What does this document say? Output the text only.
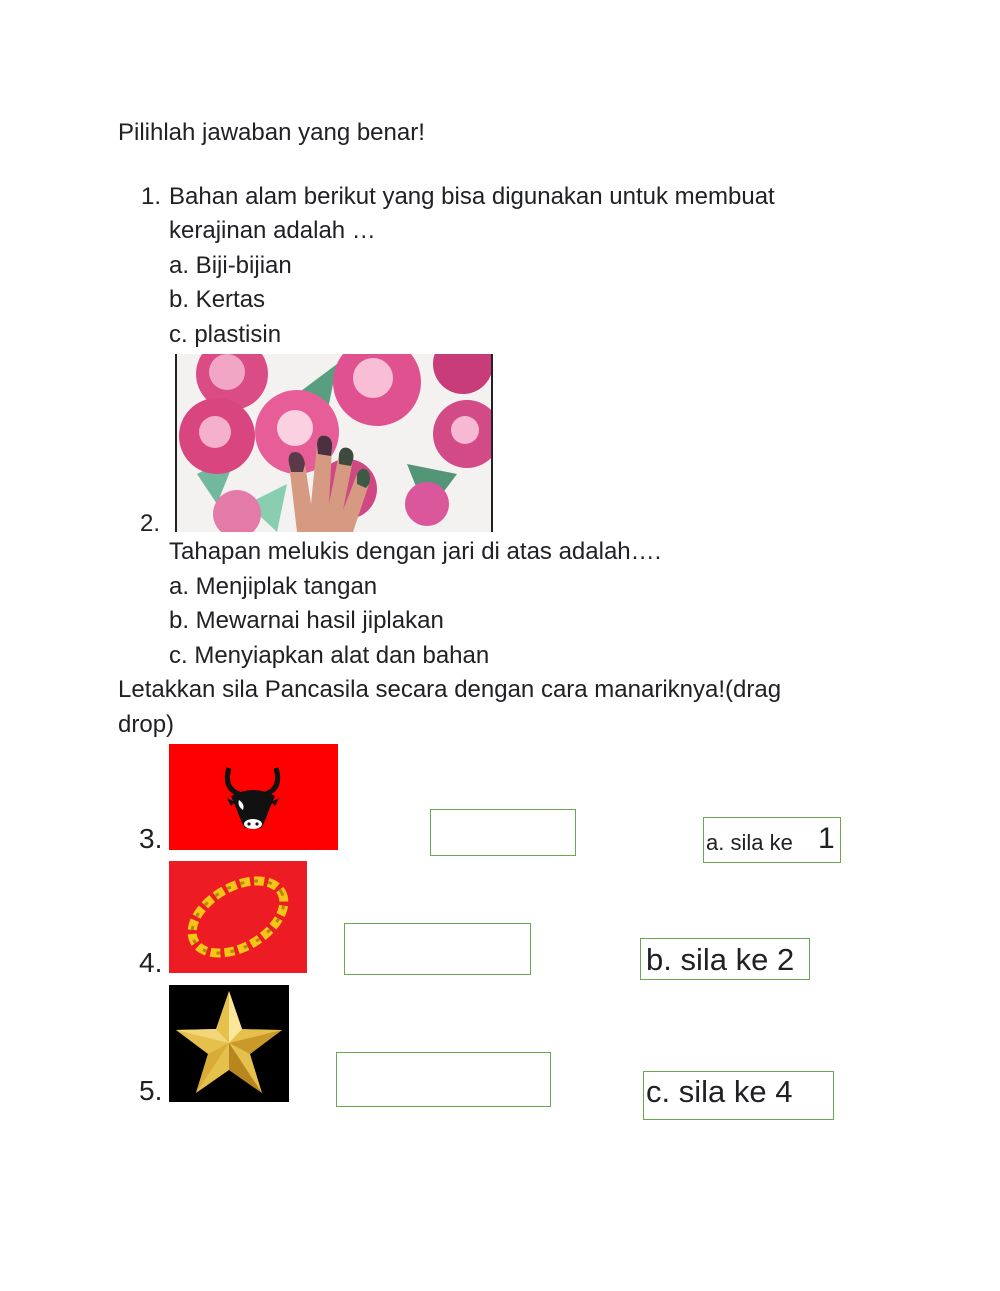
Pilihlah jawaban yang benar!
1. Bahan alam berikut yang bisa digunakan untuk membuat
kerajinan adalah …
a. Biji-bijian
b. Kertas
c. plastisin
2.
Tahapan melukis dengan jari di atas adalah….
a. Menjiplak tangan
b. Mewarnai hasil jiplakan
c. Menyiapkan alat dan bahan
Letakkan sila Pancasila secara dengan cara manariknya!(drag
drop)
3.	a. sila ke 1
4.	b. sila ke 2
5.	c. sila ke 4
